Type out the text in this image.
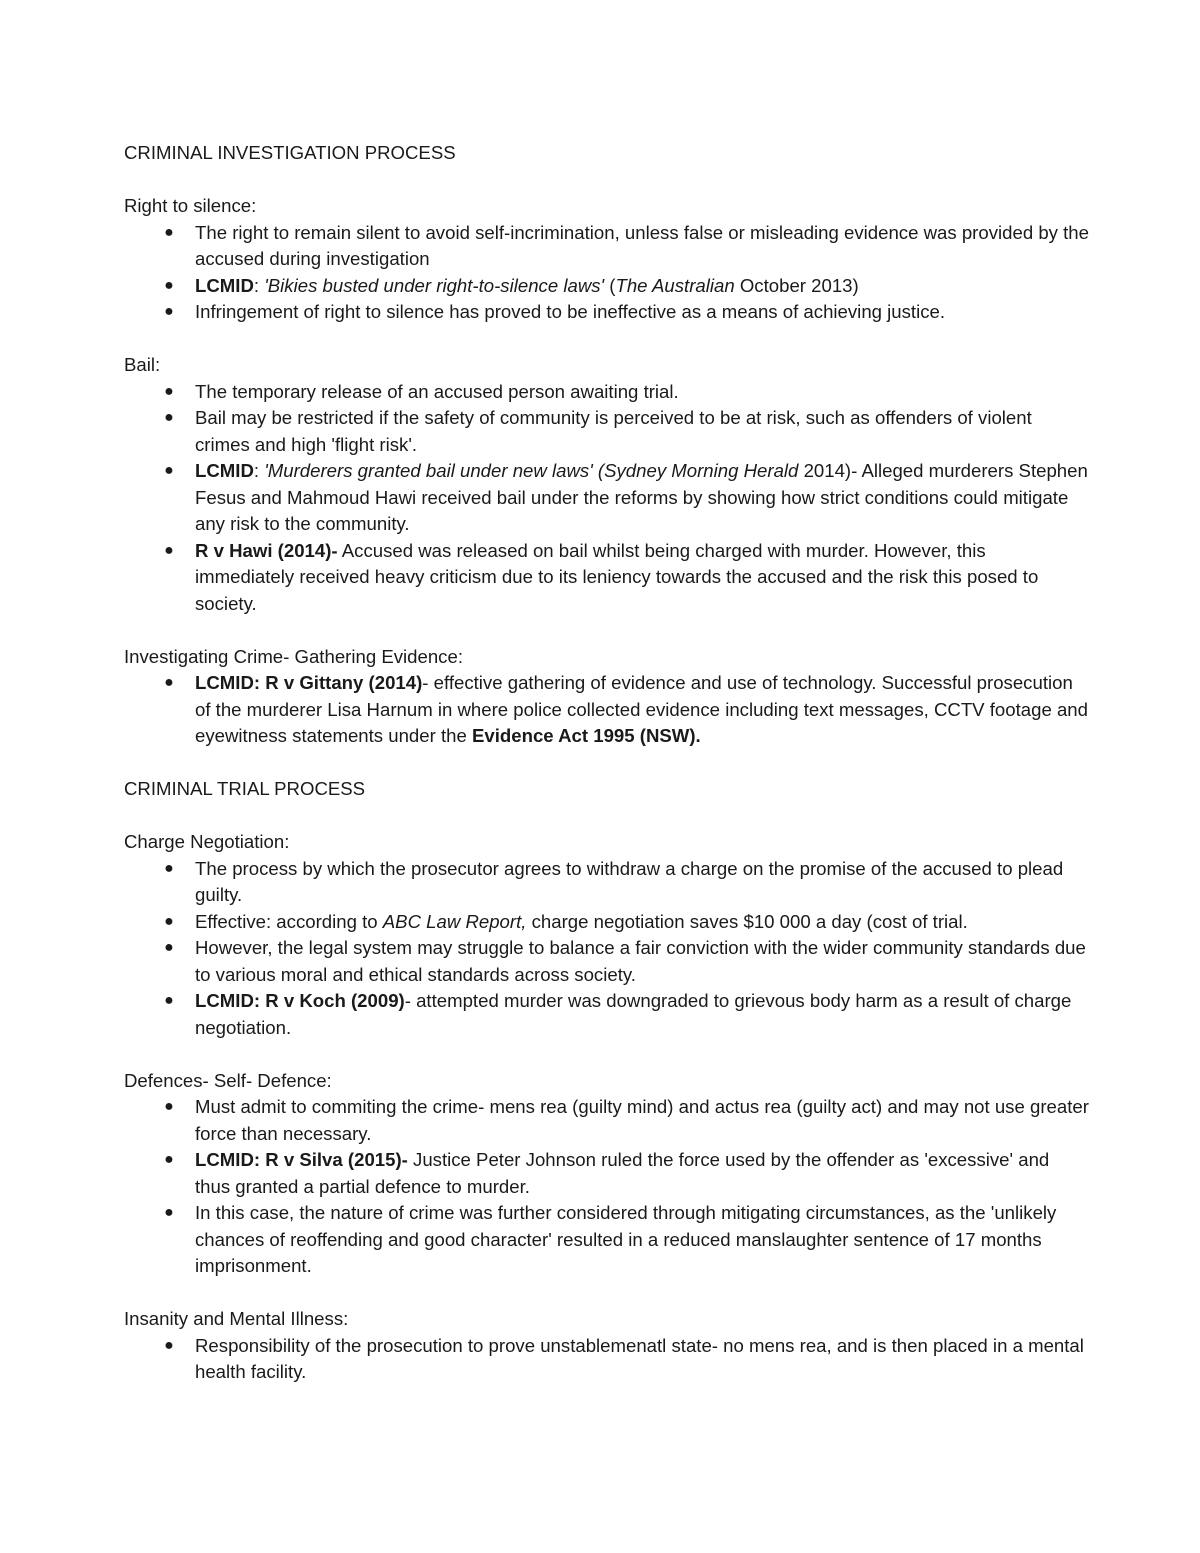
CRIMINAL INVESTIGATION PROCESS

Right to silence:

● The right to remain silent to avoid self-incrimination, unless false or misleading evidence was provided by the accused during investigation
● LCMID: 'Bikies busted under right-to-silence laws' (The Australian October 2013)
● Infringement of right to silence has proved to be ineffective as a means of achieving justice.

Bail:

● The temporary release of an accused person awaiting trial.
● Bail may be restricted if the safety of community is perceived to be at risk, such as offenders of violent crimes and high 'flight risk'.
● LCMID: 'Murderers granted bail under new laws' (Sydney Morning Herald 2014)- Alleged murderers Stephen Fesus and Mahmoud Hawi received bail under the reforms by showing how strict conditions could mitigate any risk to the community.
● R v Hawi (2014)- Accused was released on bail whilst being charged with murder. However, this immediately received heavy criticism due to its leniency towards the accused and the risk this posed to society.

Investigating Crime- Gathering Evidence:

● LCMID: R v Gittany (2014)- effective gathering of evidence and use of technology. Successful prosecution of the murderer Lisa Harnum in where police collected evidence including text messages, CCTV footage and eyewitness statements under the Evidence Act 1995 (NSW).

CRIMINAL TRIAL PROCESS

Charge Negotiation:

● The process by which the prosecutor agrees to withdraw a charge on the promise of the accused to plead guilty.
● Effective: according to ABC Law Report, charge negotiation saves $10 000 a day (cost of trial.
● However, the legal system may struggle to balance a fair conviction with the wider community standards due to various moral and ethical standards across society.
● LCMID: R v Koch (2009)- attempted murder was downgraded to grievous body harm as a result of charge negotiation.

Defences- Self- Defence:

● Must admit to commiting the crime- mens rea (guilty mind) and actus rea (guilty act) and may not use greater force than necessary.
● LCMID: R v Silva (2015)- Justice Peter Johnson ruled the force used by the offender as 'excessive' and thus granted a partial defence to murder.
● In this case, the nature of crime was further considered through mitigating circumstances, as the 'unlikely chances of reoffending and good character' resulted in a reduced manslaughter sentence of 17 months imprisonment.

Insanity and Mental Illness:

● Responsibility of the prosecution to prove unstablemenatl state- no mens rea, and is then placed in a mental health facility.
